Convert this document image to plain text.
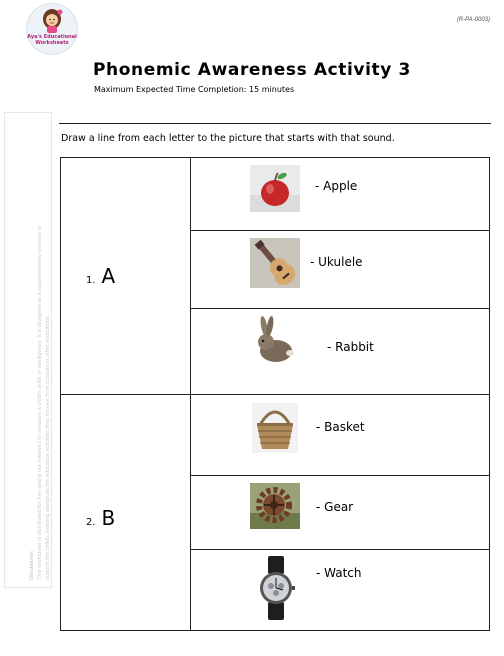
Aya's Educational
Worksheets
(R-PA-0003)
Phonemic Awareness Activity 3
Maximum Expected Time Completion: 15 minutes
Disclaimer: This worksheet is distributed for free and is not intended to measure a child's skills or intelligence. It is designed as a supplementary exercise to support the child's learning alongside the education activities they receive from schools or other institutions.
Draw a line from each letter to the picture that starts with that sound.
1. A
- Apple
- Ukulele
- Rabbit
2. B
- Basket
- Gear
- Watch
